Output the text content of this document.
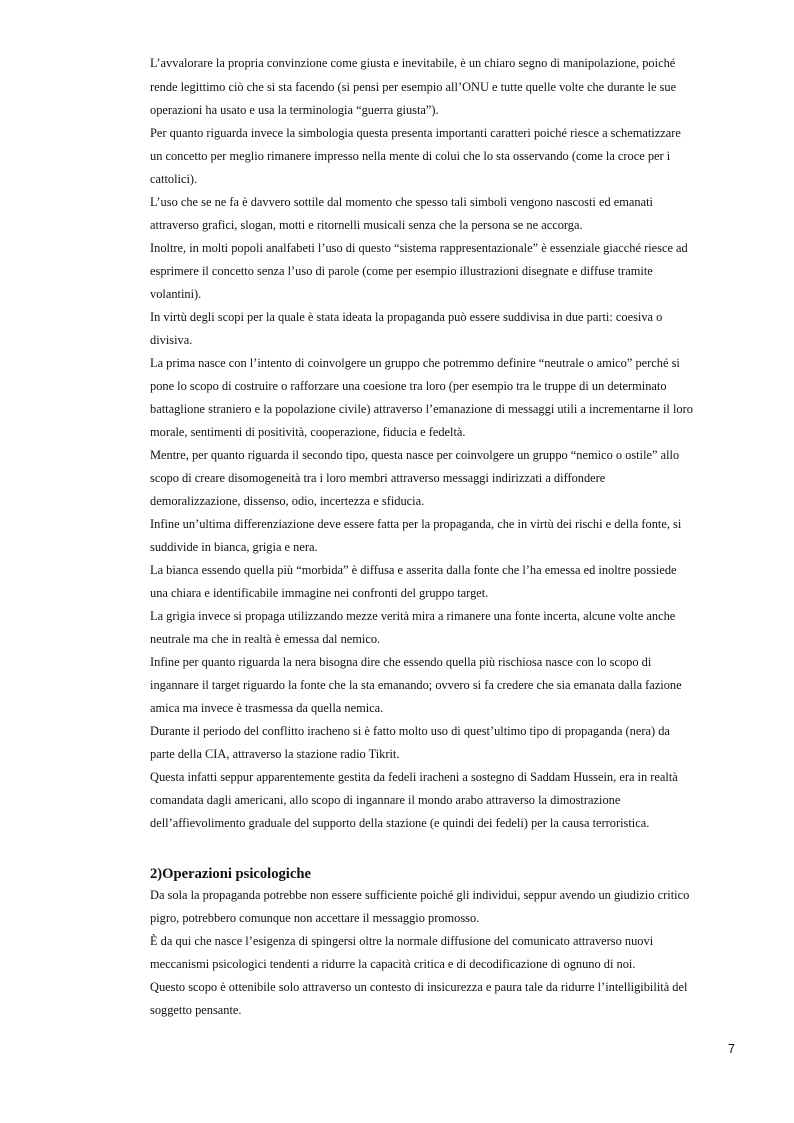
L’avvalorare la propria convinzione come giusta e inevitabile, è un chiaro segno di manipolazione, poiché
rende legittimo ciò che si sta facendo (si pensi per esempio all’ONU e tutte quelle volte che durante le sue
operazioni ha usato e usa la terminologia “guerra giusta”).
Per quanto riguarda invece la simbologia questa presenta importanti caratteri poiché riesce a schematizzare
un concetto per meglio rimanere impresso nella mente di colui che lo sta osservando (come la croce per i
cattolici).
L’uso che se ne fa è davvero sottile dal momento che spesso tali simboli vengono nascosti ed emanati
attraverso grafici, slogan, motti e ritornelli musicali senza che la persona se ne accorga.
Inoltre, in molti popoli analfabeti l’uso di questo “sistema rappresentazionale” è essenziale giacché riesce ad
esprimere il concetto senza l’uso di parole (come per esempio illustrazioni disegnate e diffuse tramite
volantini).
In virtù degli scopi per la quale è stata ideata la propaganda può essere suddivisa in due parti: coesiva o
divisiva.
La prima nasce con l’intento di coinvolgere un gruppo che potremmo definire “neutrale o amico” perché si
pone lo scopo di costruire o rafforzare una coesione tra loro (per esempio tra le truppe di un determinato
battaglione straniero e la popolazione civile) attraverso l’emanazione di messaggi utili a incrementarne il loro
morale, sentimenti di positività, cooperazione, fiducia e fedeltà.
Mentre, per quanto riguarda il secondo tipo, questa nasce per coinvolgere un gruppo “nemico o ostile” allo
scopo di creare disomogeneità tra i loro membri attraverso messaggi indirizzati a diffondere
demoralizzazione, dissenso, odio, incertezza e sfiducia.
Infine un’ultima differenziazione deve essere fatta per la propaganda, che in virtù dei rischi e della fonte, si
suddivide in bianca, grigia e nera.
La bianca essendo quella più “morbida” è diffusa e asserita dalla fonte che l’ha emessa ed inoltre possiede
una chiara e identificabile immagine nei confronti del gruppo target.
La grigia invece si propaga utilizzando mezze verità mira a rimanere una fonte incerta, alcune volte anche
neutrale ma che in realtà è emessa dal nemico.
Infine per quanto riguarda la nera bisogna dire che essendo quella più rischiosa nasce con lo scopo di
ingannare il target riguardo la fonte che la sta emanando; ovvero si fa credere che sia emanata dalla fazione
amica ma invece è trasmessa da quella nemica.
Durante il periodo del conflitto iracheno si è fatto molto uso di quest’ultimo tipo di propaganda (nera) da
parte della CIA, attraverso la stazione radio Tikrit.
Questa infatti seppur apparentemente gestita da fedeli iracheni a sostegno di Saddam Hussein, era in realtà
comandata dagli americani, allo scopo di ingannare il mondo arabo attraverso la dimostrazione
dell’affievolimento graduale del supporto della stazione (e quindi dei fedeli) per la causa terroristica.
2)Operazioni psicologiche
Da sola la propaganda potrebbe non essere sufficiente poiché gli individui, seppur avendo un giudizio critico
pigro, potrebbero comunque non accettare il messaggio promosso.
È da qui che nasce l’esigenza di spingersi oltre la normale diffusione del comunicato attraverso nuovi
meccanismi psicologici tendenti a ridurre la capacità critica e di decodificazione di ognuno di noi.
Questo scopo è ottenibile solo attraverso un contesto di insicurezza e paura tale da ridurre l’intelligibilità del
soggetto pensante.
7
